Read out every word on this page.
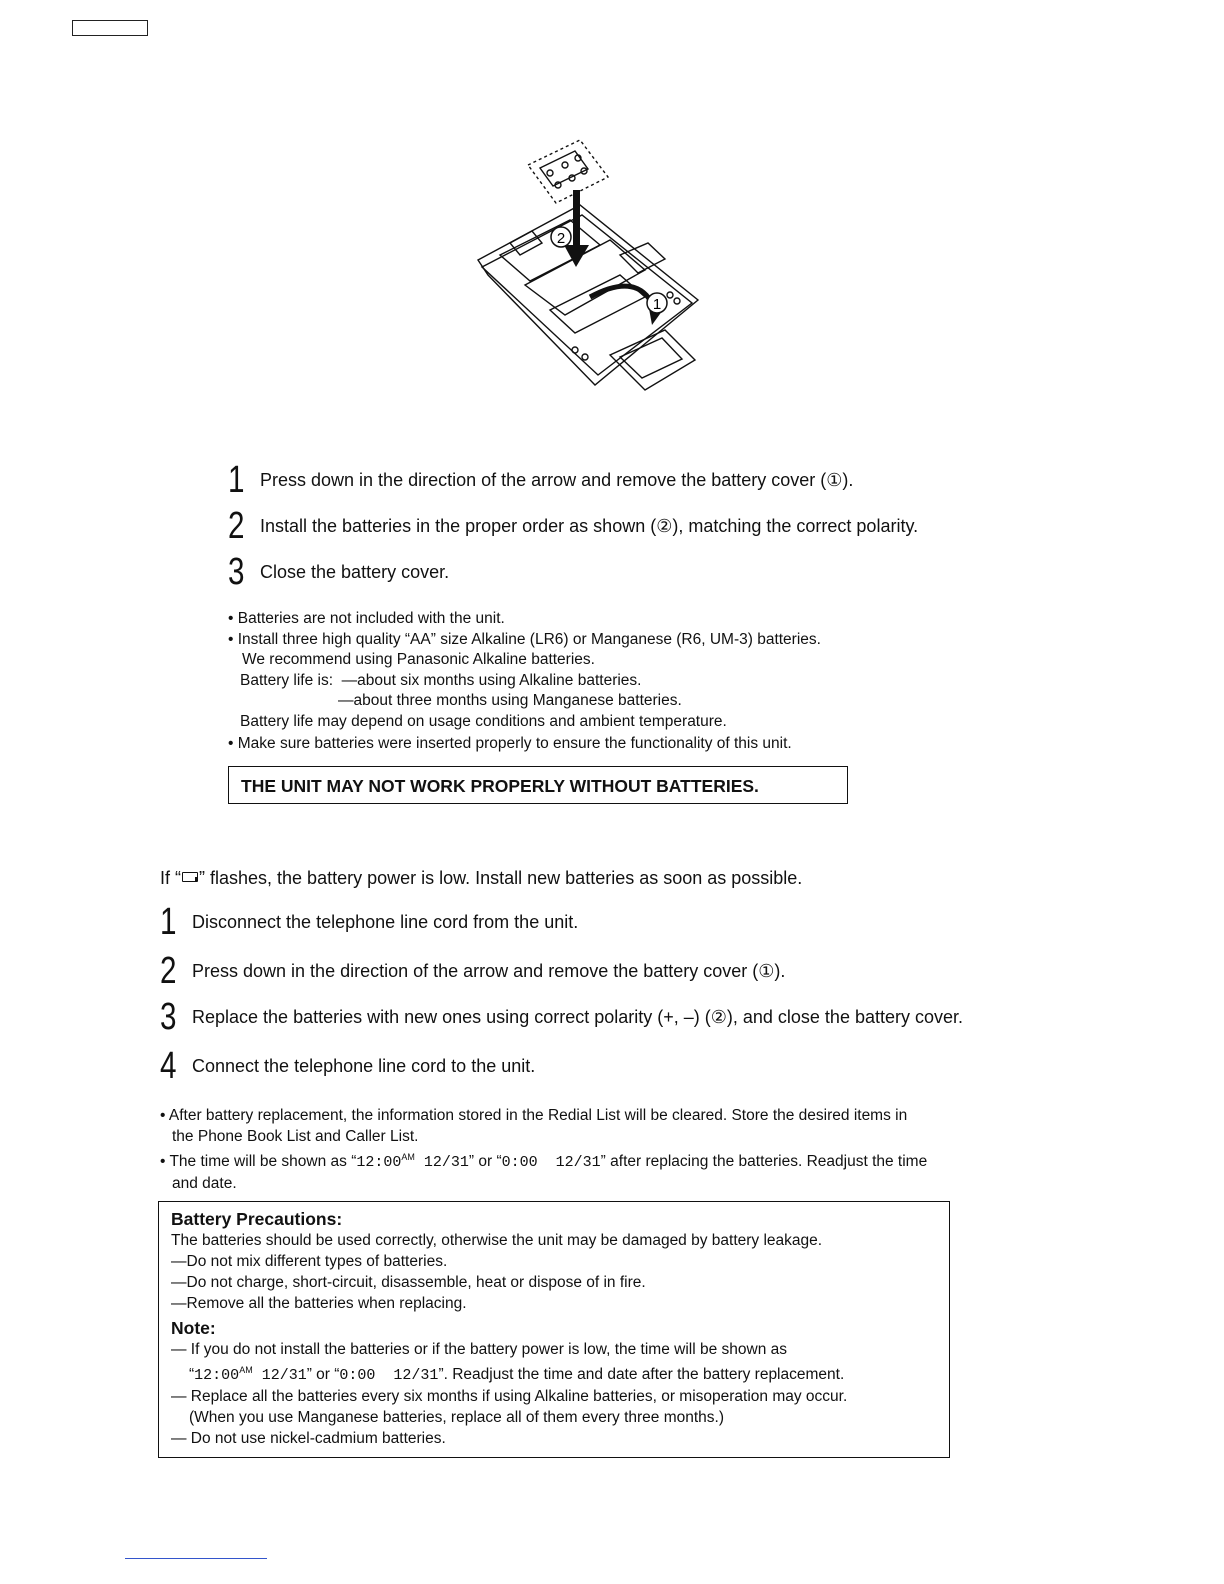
2
1
1 Press down in the direction of the arrow and remove the battery cover (①).
2 Install the batteries in the proper order as shown (②), matching the correct polarity.
3 Close the battery cover.

• Batteries are not included with the unit.

• Install three high quality “AA” size Alkaline (LR6) or Manganese (R6, UM-3) batteries.

We recommend using Panasonic Alkaline batteries.

Battery life is: —about six months using Alkaline batteries.

—about three months using Manganese batteries.

Battery life may depend on usage conditions and ambient temperature.

• Make sure batteries were inserted properly to ensure the functionality of this unit.

THE UNIT MAY NOT WORK PROPERLY WITHOUT BATTERIES.
If “ ” flashes, the battery power is low. Install new batteries as soon as possible.
1 Disconnect the telephone line cord from the unit.
2 Press down in the direction of the arrow and remove the battery cover (①).
3 Replace the batteries with new ones using correct polarity (+, –) (②), and close the battery cover.
4 Connect the telephone line cord to the unit.

• After battery replacement, the information stored in the Redial List will be cleared. Store the desired items in

the Phone Book List and Caller List.

• The time will be shown as “$12:00^{AM}$ 12/31” or “0:00  12/31” after replacing the batteries. Readjust the time

and date.

Battery Precautions:

The batteries should be used correctly, otherwise the unit may be damaged by battery leakage.

—Do not mix different types of batteries.

—Do not charge, short-circuit, disassemble, heat or dispose of in fire.

—Remove all the batteries when replacing.

Note:

— If you do not install the batteries or if the battery power is low, the time will be shown as

“$12:00^{AM}$ 12/31” or “0:00  12/31”. Readjust the time and date after the battery replacement.

— Replace all the batteries every six months if using Alkaline batteries, or misoperation may occur.

(When you use Manganese batteries, replace all of them every three months.)

— Do not use nickel-cadmium batteries.
